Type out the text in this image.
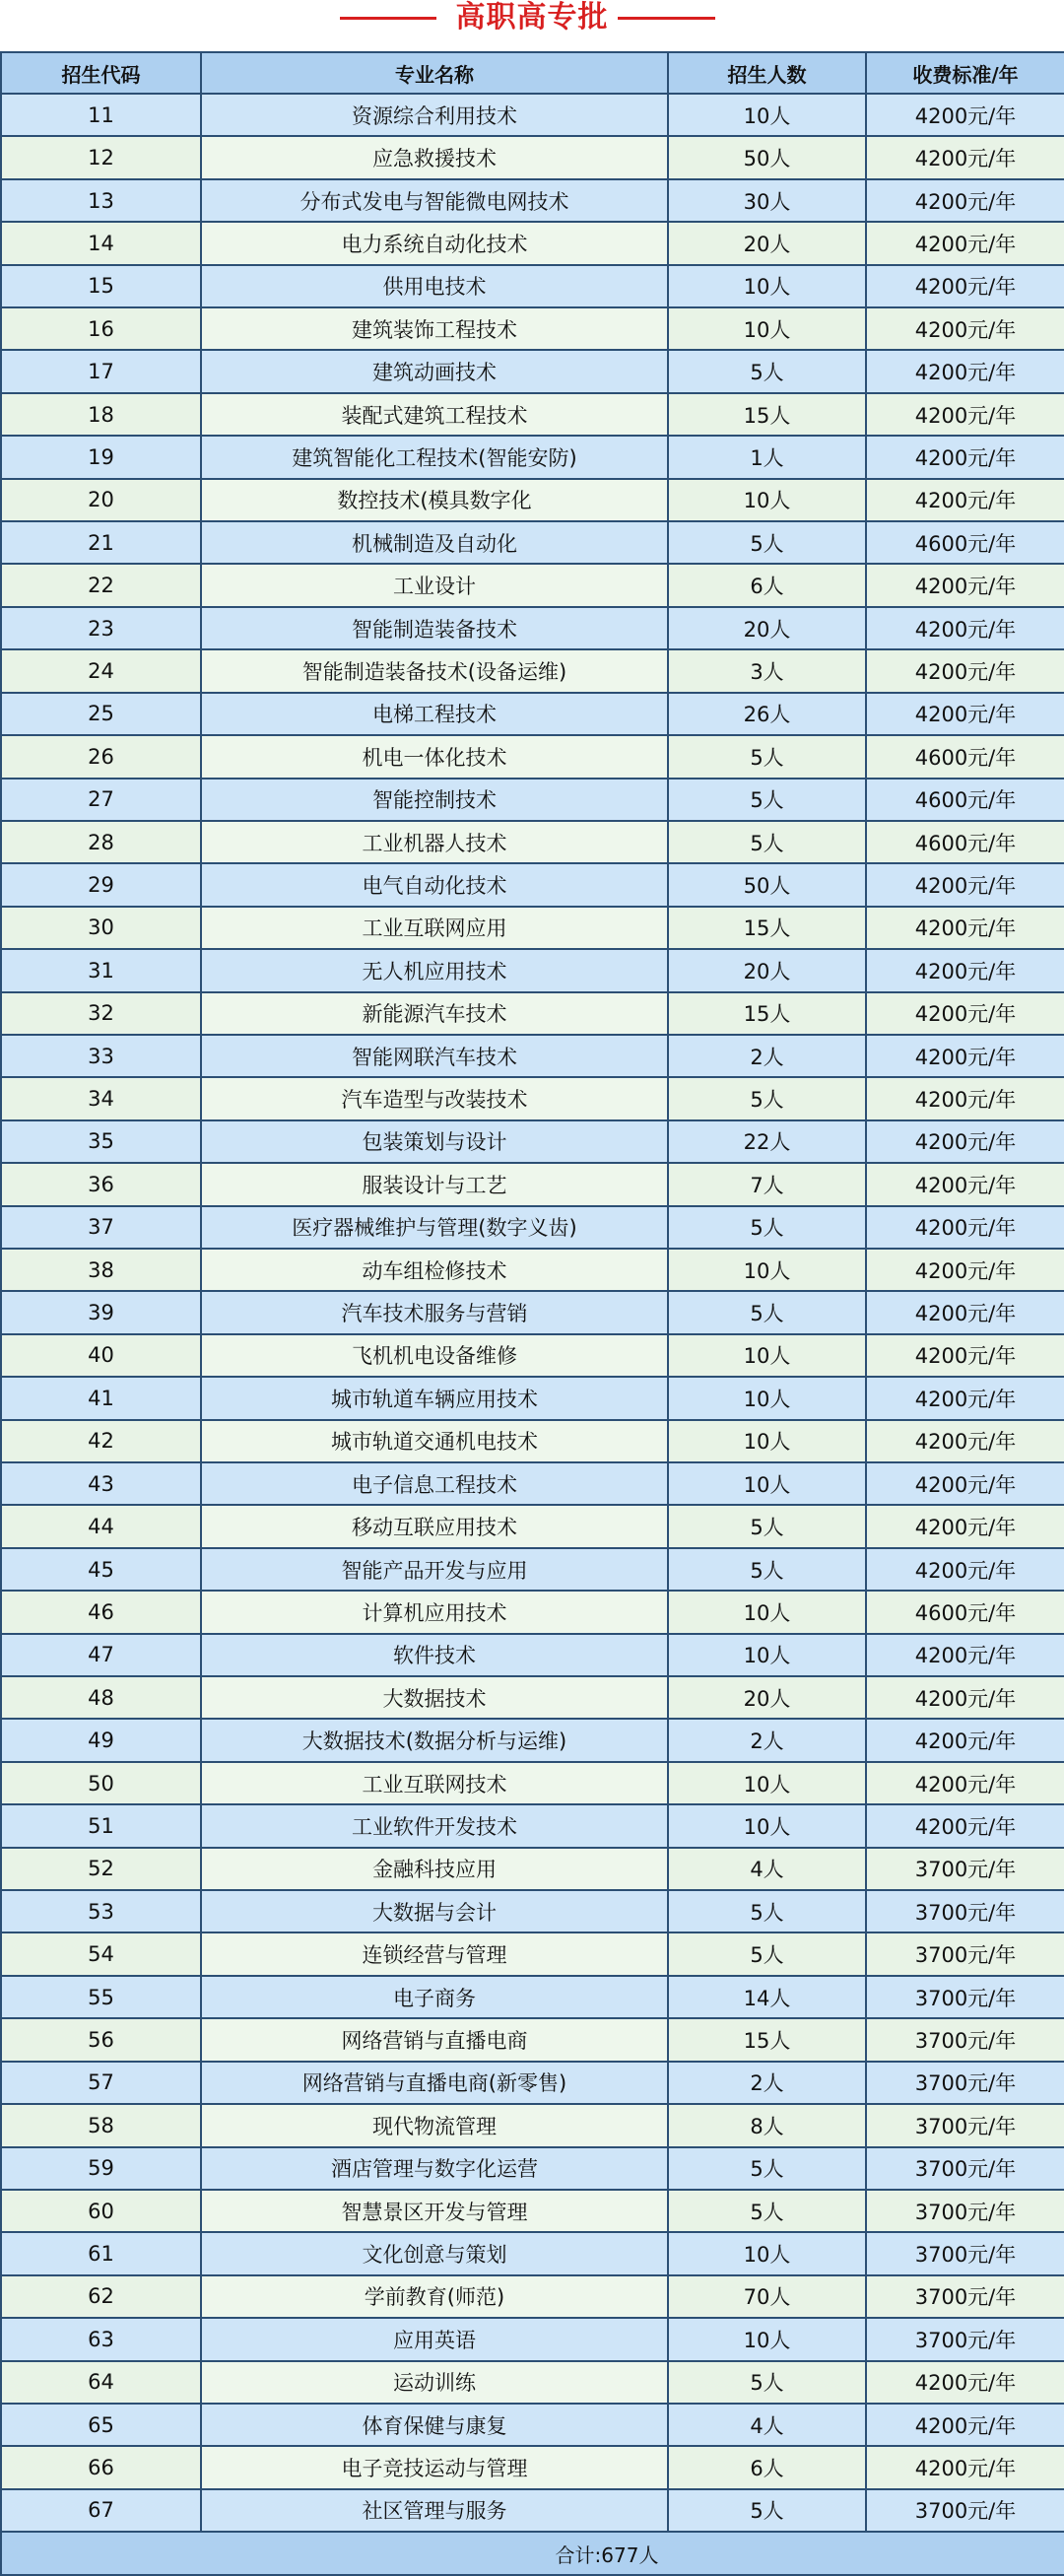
高职高专批
招生代码	专业名称	招生人数	收费标准/年
11	资源综合利用技术	10人	4200元/年
12	应急救援技术	50人	4200元/年
13	分布式发电与智能微电网技术	30人	4200元/年
14	电力系统自动化技术	20人	4200元/年
15	供用电技术	10人	4200元/年
16	建筑装饰工程技术	10人	4200元/年
17	建筑动画技术	5人	4200元/年
18	装配式建筑工程技术	15人	4200元/年
19	建筑智能化工程技术(智能安防)	1人	4200元/年
20	数控技术(模具数字化	10人	4200元/年
21	机械制造及自动化	5人	4600元/年
22	工业设计	6人	4200元/年
23	智能制造装备技术	20人	4200元/年
24	智能制造装备技术(设备运维)	3人	4200元/年
25	电梯工程技术	26人	4200元/年
26	机电一体化技术	5人	4600元/年
27	智能控制技术	5人	4600元/年
28	工业机器人技术	5人	4600元/年
29	电气自动化技术	50人	4200元/年
30	工业互联网应用	15人	4200元/年
31	无人机应用技术	20人	4200元/年
32	新能源汽车技术	15人	4200元/年
33	智能网联汽车技术	2人	4200元/年
34	汽车造型与改装技术	5人	4200元/年
35	包装策划与设计	22人	4200元/年
36	服装设计与工艺	7人	4200元/年
37	医疗器械维护与管理(数字义齿)	5人	4200元/年
38	动车组检修技术	10人	4200元/年
39	汽车技术服务与营销	5人	4200元/年
40	飞机机电设备维修	10人	4200元/年
41	城市轨道车辆应用技术	10人	4200元/年
42	城市轨道交通机电技术	10人	4200元/年
43	电子信息工程技术	10人	4200元/年
44	移动互联应用技术	5人	4200元/年
45	智能产品开发与应用	5人	4200元/年
46	计算机应用技术	10人	4600元/年
47	软件技术	10人	4200元/年
48	大数据技术	20人	4200元/年
49	大数据技术(数据分析与运维)	2人	4200元/年
50	工业互联网技术	10人	4200元/年
51	工业软件开发技术	10人	4200元/年
52	金融科技应用	4人	3700元/年
53	大数据与会计	5人	3700元/年
54	连锁经营与管理	5人	3700元/年
55	电子商务	14人	3700元/年
56	网络营销与直播电商	15人	3700元/年
57	网络营销与直播电商(新零售)	2人	3700元/年
58	现代物流管理	8人	3700元/年
59	酒店管理与数字化运营	5人	3700元/年
60	智慧景区开发与管理	5人	3700元/年
61	文化创意与策划	10人	3700元/年
62	学前教育(师范)	70人	3700元/年
63	应用英语	10人	3700元/年
64	运动训练	5人	4200元/年
65	体育保健与康复	4人	4200元/年
66	电子竞技运动与管理	6人	4200元/年
67	社区管理与服务	5人	3700元/年
合计:677人			
